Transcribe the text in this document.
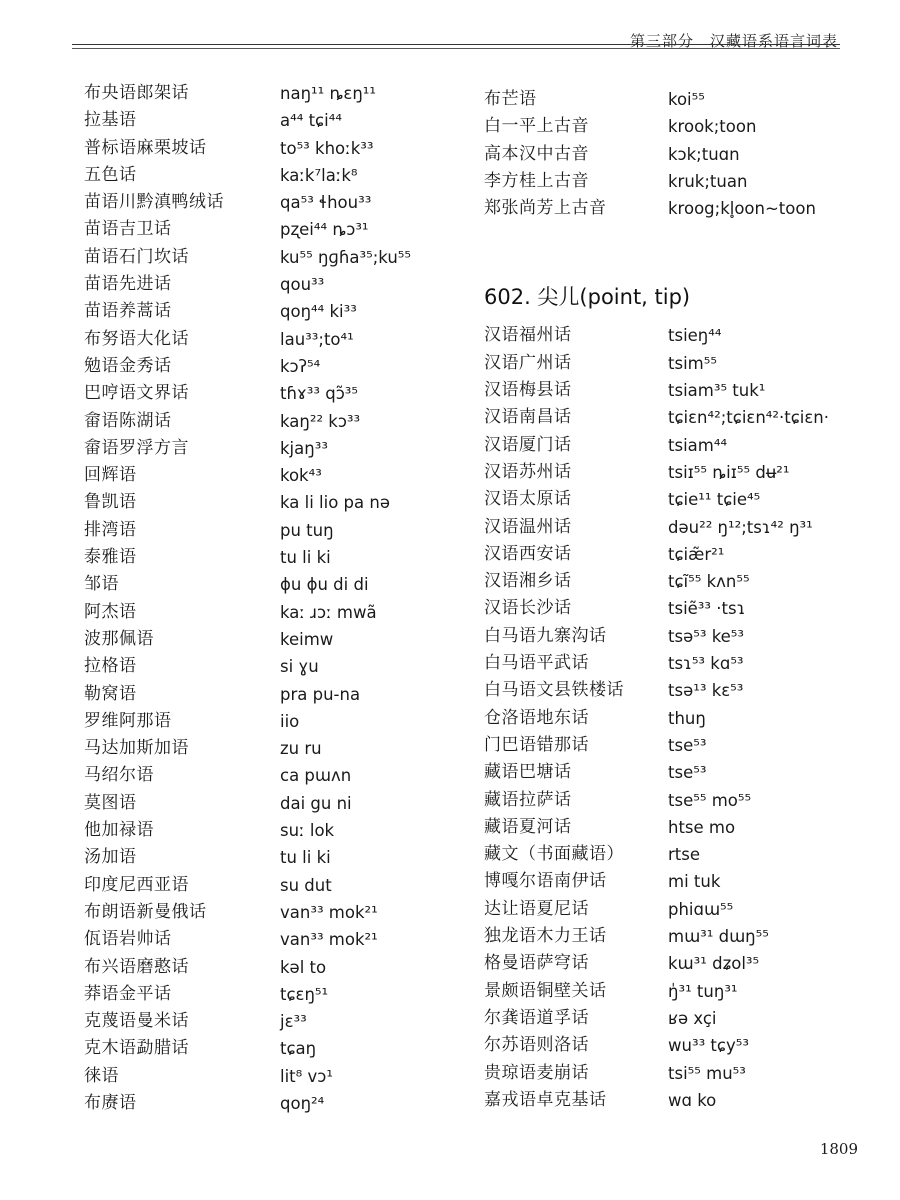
第三部分　汉藏语系语言词表
布央语郎架话	naŋ¹¹ ȵɛŋ¹¹
拉基语	a⁴⁴ tɕi⁴⁴
普标语麻栗坡话	to⁵³ khoːk³³
五色话	kaːk⁷laːk⁸
苗语川黔滇鸭绒话	qa⁵³ ɬhou³³
苗语吉卫话	pʐei⁴⁴ ȵɔ³¹
苗语石门坎话	ku⁵⁵ ŋɡɦa³⁵;ku⁵⁵
苗语先进话	qou³³
苗语养蒿话	qoŋ⁴⁴ ki³³
布努语大化话	lau³³;to⁴¹
勉语金秀话	kɔʔ⁵⁴
巴哼语文界话	tɦɤ³³ qɔ̃³⁵
畲语陈湖话	kaŋ²² kɔ³³
畲语罗浮方言	kjaŋ³³
回辉语	kok⁴³
鲁凯语	ka li lio pa nə
排湾语	pu tuŋ
泰雅语	tu li ki
邹语	ɸu ɸu di di
阿杰语	kaː ɹɔː mwã
波那佩语	keimw
拉格语	si ɣu
勒窝语	pra pu-na
罗维阿那语	iio
马达加斯加语	zu ru
马绍尔语	ca pɯʌn
莫图语	dai gu ni
他加禄语	suː lok
汤加语	tu li ki
印度尼西亚语	su dut
布朗语新曼俄话	van³³ mok²¹
佤语岩帅话	van³³ mok²¹
布兴语磨憨话	kəl to
莽语金平话	tɕɛŋ⁵¹
克蔑语曼米话	jɛ³³
克木语勐腊话	tɕaŋ
徕语	lit⁸ vɔ¹
布赓语	qoŋ²⁴
布芒语	koi⁵⁵
白一平上古音	krook;toon
高本汉中古音	kɔk;tuɑn
李方桂上古音	kruk;tuan
郑张尚芳上古音	kroog;kl̥oon~toon
602. 尖儿(point, tip)
汉语福州话	tsieŋ⁴⁴
汉语广州话	tsim⁵⁵
汉语梅县话	tsiam³⁵ tuk¹
汉语南昌话	tɕiɛn⁴²;tɕiɛn⁴²·tɕiɛn·
汉语厦门话	tsiam⁴⁴
汉语苏州话	tsiɪ⁵⁵ ȵiɪ⁵⁵ dʉ²¹
汉语太原话	tɕie¹¹ tɕie⁴⁵
汉语温州话	dəu²² ŋ¹²;tsɿ⁴² ŋ³¹
汉语西安话	tɕiæ̃r²¹
汉语湘乡话	tɕĩ⁵⁵ kʌn⁵⁵
汉语长沙话	tsiẽ³³ ·tsɿ
白马语九寨沟话	tsə⁵³ ke⁵³
白马语平武话	tsɿ⁵³ kɑ⁵³
白马语文县铁楼话	tsə¹³ kɛ⁵³
仓洛语地东话	thuŋ
门巴语错那话	tse⁵³
藏语巴塘话	tse⁵³
藏语拉萨话	tse⁵⁵ mo⁵⁵
藏语夏河话	htse mo
藏文（书面藏语）	rtse
博嘎尔语南伊话	mi tuk
达让语夏尼话	phiɑɯ⁵⁵
独龙语木力王话	mɯ³¹ dɯŋ⁵⁵
格曼语萨穹话	kɯ³¹ dʑol³⁵
景颇语铜壁关话	ŋ̍³¹ tuŋ³¹
尔龚语道孚话	ʁə xçi
尔苏语则洛话	wu³³ tɕy⁵³
贵琼语麦崩话	tsi⁵⁵ mu⁵³
嘉戎语卓克基话	wɑ ko
1809
